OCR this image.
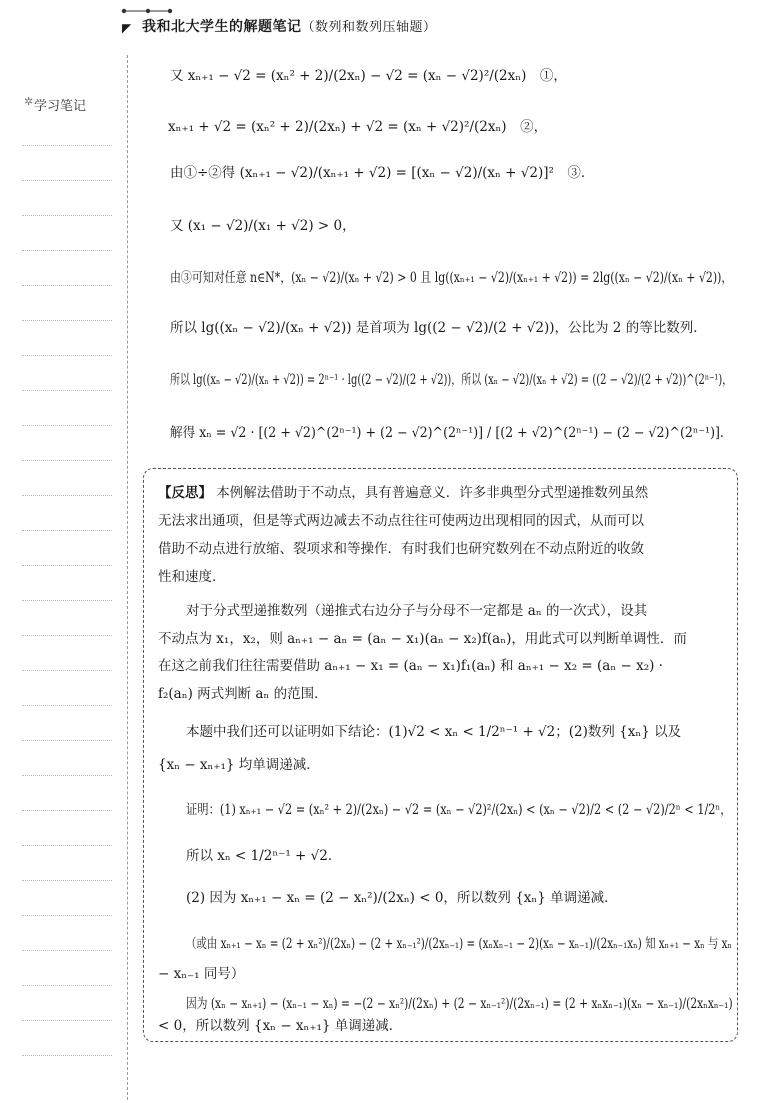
◤ 我和北大学生的解题笔记（数列和数列压轴题）
✲ 学习笔记
又 xₙ₊₁ − √2 = (xₙ² + 2)/(2xₙ) − √2 = (xₙ − √2)²/(2xₙ)　①，
xₙ₊₁ + √2 = (xₙ² + 2)/(2xₙ) + √2 = (xₙ + √2)²/(2xₙ)　②，
由①÷②得 (xₙ₊₁ − √2)/(xₙ₊₁ + √2) = [(xₙ − √2)/(xₙ + √2)]²　③．
又 (x₁ − √2)/(x₁ + √2) > 0，
由③可知对任意 n∈N*，(xₙ − √2)/(xₙ + √2) > 0 且 lg((xₙ₊₁ − √2)/(xₙ₊₁ + √2)) = 2lg((xₙ − √2)/(xₙ + √2))，
所以 lg((xₙ − √2)/(xₙ + √2)) 是首项为 lg((2 − √2)/(2 + √2))，公比为 2 的等比数列．
所以 lg((xₙ − √2)/(xₙ + √2)) = 2ⁿ⁻¹ · lg((2 − √2)/(2 + √2))，所以 (xₙ − √2)/(xₙ + √2) = ((2 − √2)/(2 + √2))^(2ⁿ⁻¹)，
解得 xₙ = √2 · [(2 + √2)^(2ⁿ⁻¹) + (2 − √2)^(2ⁿ⁻¹)] / [(2 + √2)^(2ⁿ⁻¹) − (2 − √2)^(2ⁿ⁻¹)]．
【反思】 本例解法借助于不动点，具有普遍意义．许多非典型分式型递推数列虽然
无法求出通项，但是等式两边减去不动点往往可使两边出现相同的因式，从而可以
借助不动点进行放缩、裂项求和等操作．有时我们也研究数列在不动点附近的收敛
性和速度．
对于分式型递推数列（递推式右边分子与分母不一定都是 aₙ 的一次式），设其
不动点为 x₁，x₂，则 aₙ₊₁ − aₙ = (aₙ − x₁)(aₙ − x₂)f(aₙ)，用此式可以判断单调性．而
在这之前我们往往需要借助 aₙ₊₁ − x₁ = (aₙ − x₁)f₁(aₙ) 和 aₙ₊₁ − x₂ = (aₙ − x₂) ·
f₂(aₙ) 两式判断 aₙ 的范围．
本题中我们还可以证明如下结论：(1)√2 < xₙ < 1/2ⁿ⁻¹ + √2；(2)数列 {xₙ} 以及
{xₙ − xₙ₊₁} 均单调递减．
证明：(1) xₙ₊₁ − √2 = (xₙ² + 2)/(2xₙ) − √2 = (xₙ − √2)²/(2xₙ) < (xₙ − √2)/2 < (2 − √2)/2ⁿ < 1/2ⁿ，
所以 xₙ < 1/2ⁿ⁻¹ + √2．
(2) 因为 xₙ₊₁ − xₙ = (2 − xₙ²)/(2xₙ) < 0，所以数列 {xₙ} 单调递减．
（或由 xₙ₊₁ − xₙ = (2 + xₙ²)/(2xₙ) − (2 + xₙ₋₁²)/(2xₙ₋₁) = (xₙxₙ₋₁ − 2)(xₙ − xₙ₋₁)/(2xₙ₋₁xₙ) 知 xₙ₊₁ − xₙ 与 xₙ
− xₙ₋₁ 同号）
因为 (xₙ − xₙ₊₁) − (xₙ₋₁ − xₙ) = −(2 − xₙ²)/(2xₙ) + (2 − xₙ₋₁²)/(2xₙ₋₁) = (2 + xₙxₙ₋₁)(xₙ − xₙ₋₁)/(2xₙxₙ₋₁)
< 0，所以数列 {xₙ − xₙ₊₁} 单调递减．
